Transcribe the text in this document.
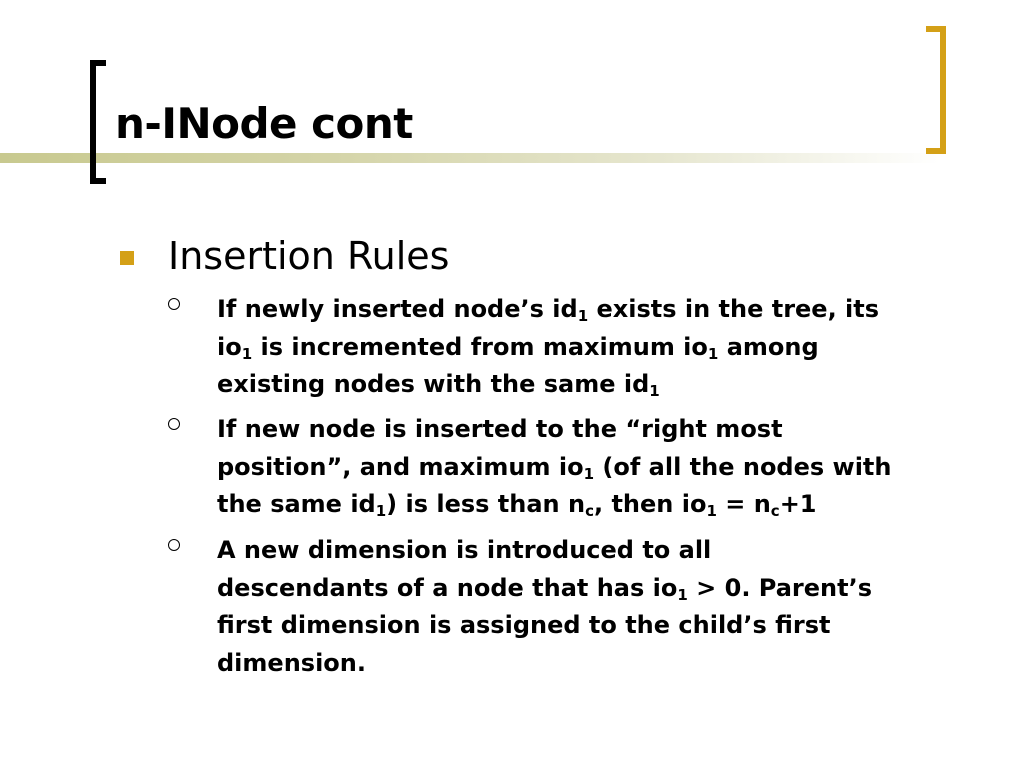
n-INode cont
Insertion Rules
If newly inserted node’s $id_1$ exists in the tree, its
$io_1$ is incremented from maximum $io_1$ among
existing nodes with the same $id_1$
If new node is inserted to the “right most
position”, and maximum $io_1$ (of all the nodes with
the same $id_1$) is less than $n_c$, then $io_1 = n_c+1$
A new dimension is introduced to all
descendants of a node that has $io_1 > 0$. Parent’s
first dimension is assigned to the child’s first
dimension.
